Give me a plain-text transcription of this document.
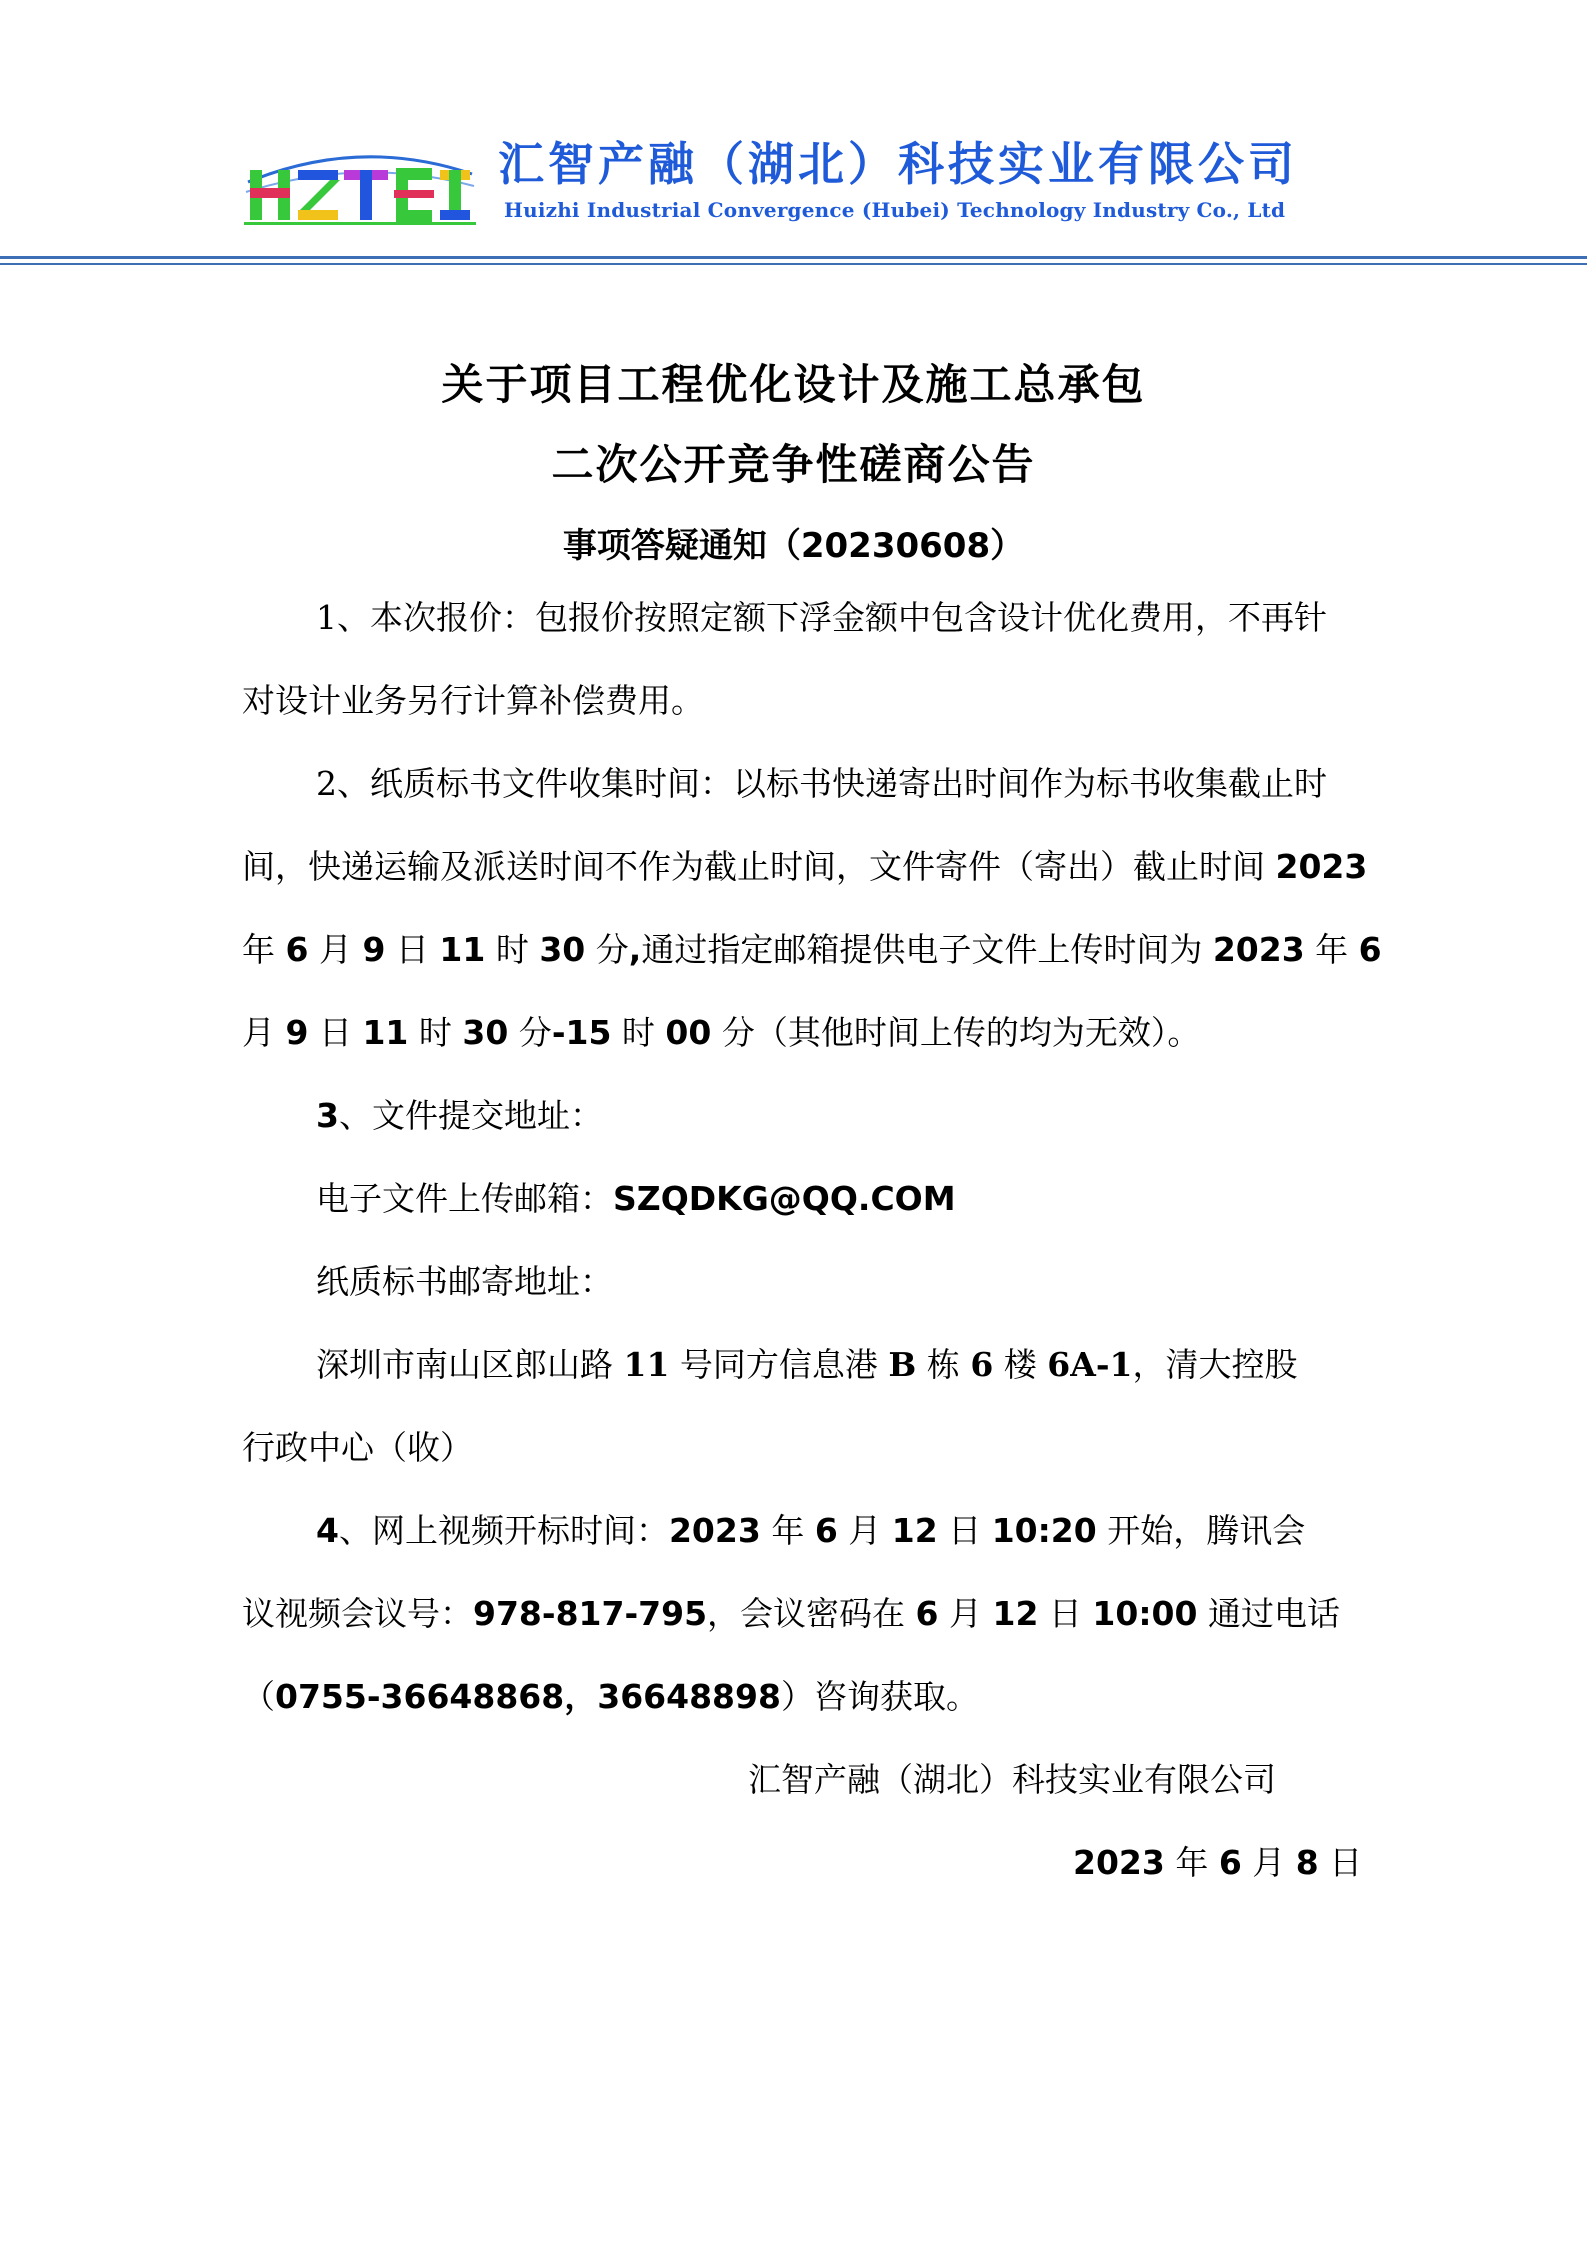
汇智产融（湖北）科技实业有限公司
Huizhi Industrial Convergence (Hubei) Technology Industry Co., Ltd
关于项目工程优化设计及施工总承包
二次公开竞争性磋商公告
事项答疑通知（20230608）
1、本次报价：包报价按照定额下浮金额中包含设计优化费用，不再针
对设计业务另行计算补偿费用。
2、纸质标书文件收集时间：以标书快递寄出时间作为标书收集截止时
间，快递运输及派送时间不作为截止时间，文件寄件（寄出）截止时间 2023
年 6 月 9 日 11 时 30 分,通过指定邮箱提供电子文件上传时间为 2023 年 6
月 9 日 11 时 30 分-15 时 00 分（其他时间上传的均为无效）。
3、文件提交地址：
电子文件上传邮箱：SZQDKG@QQ.COM
纸质标书邮寄地址：
深圳市南山区郎山路 11 号同方信息港 B 栋 6 楼 6A-1，清大控股
行政中心（收）
4、网上视频开标时间：2023 年 6 月 12 日 10:20 开始，腾讯会
议视频会议号：978-817-795，会议密码在 6 月 12 日 10:00 通过电话
（0755-36648868，36648898）咨询获取。
汇智产融（湖北）科技实业有限公司
2023 年 6 月 8 日
